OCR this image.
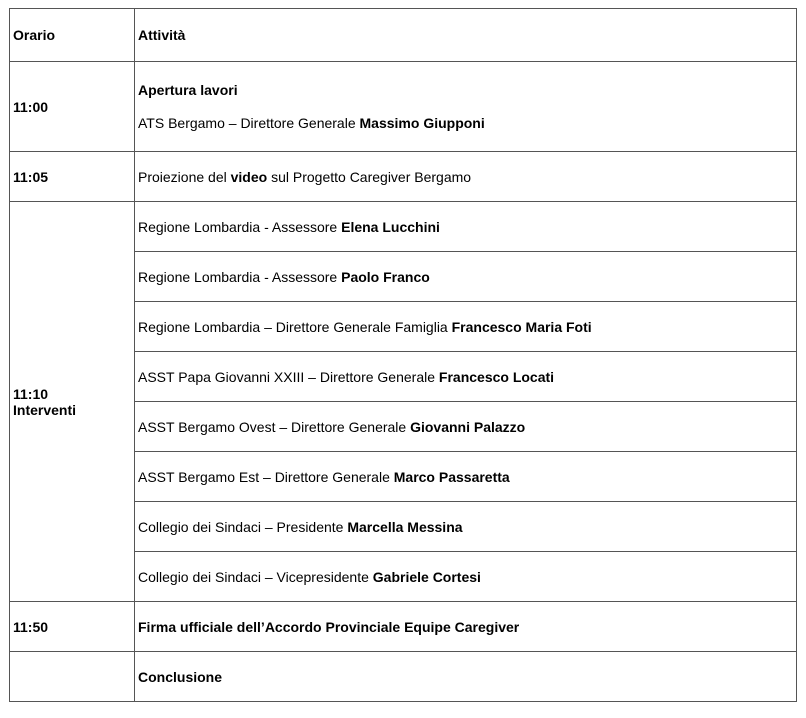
Orario	Attività
11:00	Apertura lavori
ATS Bergamo – Direttore Generale Massimo Giupponi
11:05	Proiezione del video sul Progetto Caregiver Bergamo
11:10
Interventi	Regione Lombardia - Assessore Elena Lucchini
	Regione Lombardia - Assessore Paolo Franco
	Regione Lombardia – Direttore Generale Famiglia Francesco Maria Foti
	ASST Papa Giovanni XXIII – Direttore Generale Francesco Locati
	ASST Bergamo Ovest – Direttore Generale Giovanni Palazzo
	ASST Bergamo Est – Direttore Generale Marco Passaretta
	Collegio dei Sindaci – Presidente Marcella Messina
	Collegio dei Sindaci – Vicepresidente Gabriele Cortesi
11:50	Firma ufficiale dell’Accordo Provinciale Equipe Caregiver
	Conclusione
